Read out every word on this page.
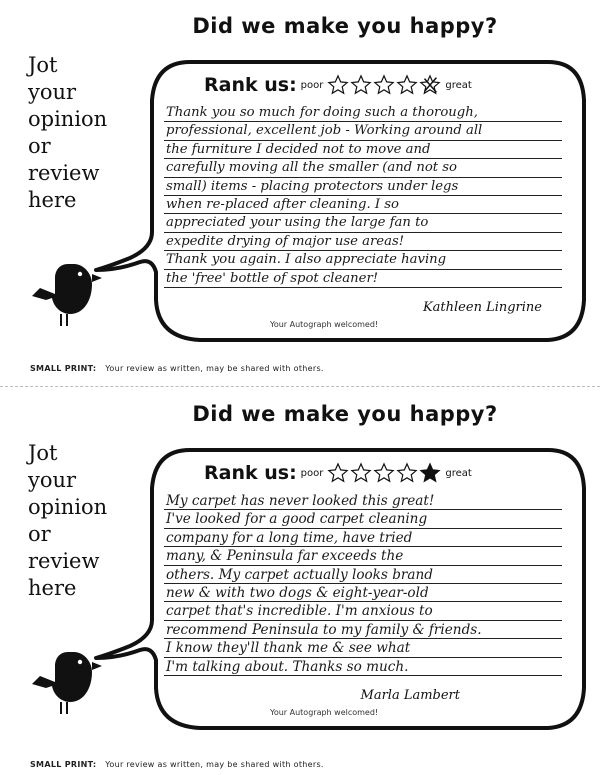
Did we make you happy?
Jot
your
opinion
or
review
here
Rank us: poor	great
Thank you so much for doing such a thorough,
professional, excellent job - Working around all
the furniture I decided not to move and
carefully moving all the smaller (and not so
small) items - placing protectors under legs
when re-placed after cleaning. I so
appreciated your using the large fan to
expedite drying of major use areas!
Thank you again. I also appreciate having
the 'free' bottle of spot cleaner!
Kathleen Lingrine
Your Autograph welcomed!
SMALL PRINT: Your review as written, may be shared with others.
Did we make you happy?
Jot
your
opinion
or
review
here
Rank us: poor	great
My carpet has never looked this great!
I've looked for a good carpet cleaning
company for a long time, have tried
many, & Peninsula far exceeds the
others. My carpet actually looks brand
new & with two dogs & eight-year-old
carpet that's incredible. I'm anxious to
recommend Peninsula to my family & friends.
I know they'll thank me & see what
I'm talking about. Thanks so much.
Marla Lambert
Your Autograph welcomed!
SMALL PRINT: Your review as written, may be shared with others.
